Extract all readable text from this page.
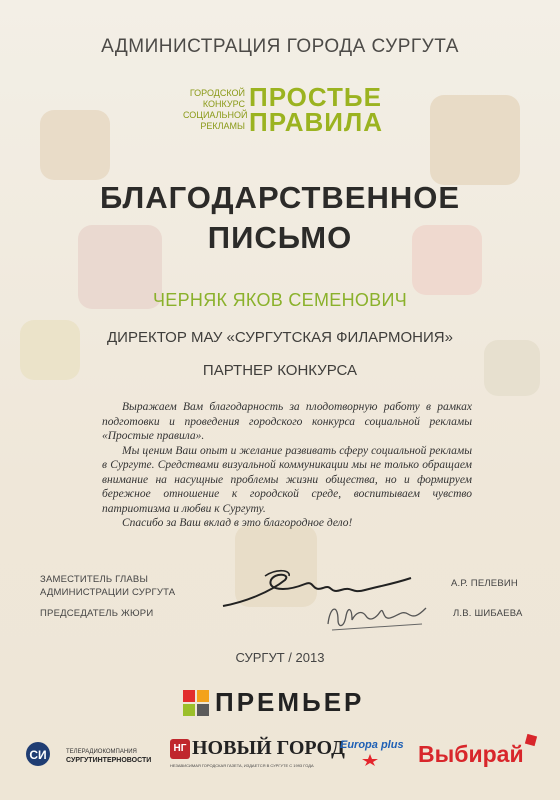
АДМИНИСТРАЦИЯ ГОРОДА СУРГУТА
ГОРОДСКОЙ
КОНКУРС
СОЦИАЛЬНОЙ
РЕКЛАМЫ
ПРОСТЬЕ
ПРАВИЛА
БЛАГОДАРСТВЕННОЕ
ПИСЬМО
ЧЕРНЯК ЯКОВ СЕМЕНОВИЧ
ДИРЕКТОР МАУ «СУРГУТСКАЯ ФИЛАРМОНИЯ»
ПАРТНЕР КОНКУРСА

Выражаем Вам благодарность за плодотворную работу в рамках подготовки и проведения городского конкурса социальной рекламы «Простые правила».

Мы ценим Ваш опыт и желание развивать сферу социальной рекламы в Сургуте. Средствами визуальной коммуникации мы не только обращаем внимание на насущные проблемы жизни общества, но и формируем бережное отношение к городской среде, воспитываем чувство патриотизма и любви к Сургуту.

Спасибо за Ваш вклад в это благородное дело!

ЗАМЕСТИТЕЛЬ ГЛАВЫ
АДМИНИСТРАЦИИ СУРГУТА
А.Р. ПЕЛЕВИН
ПРЕДСЕДАТЕЛЬ ЖЮРИ	Л.В. ШИБАЕВА
СУРГУТ / 2013
ПРЕМЬЕР
СИ	ТЕЛЕРАДИОКОМПАНИЯ
СУРГУТИНТЕРНОВОСТИ
НГ НОВЫЙ ГОРОД
НЕЗАВИСИМАЯ ГОРОДСКАЯ ГАЗЕТА, ИЗДАЕТСЯ В СУРГУТЕ С 1993 ГОДА
Europa plus Выбирай
